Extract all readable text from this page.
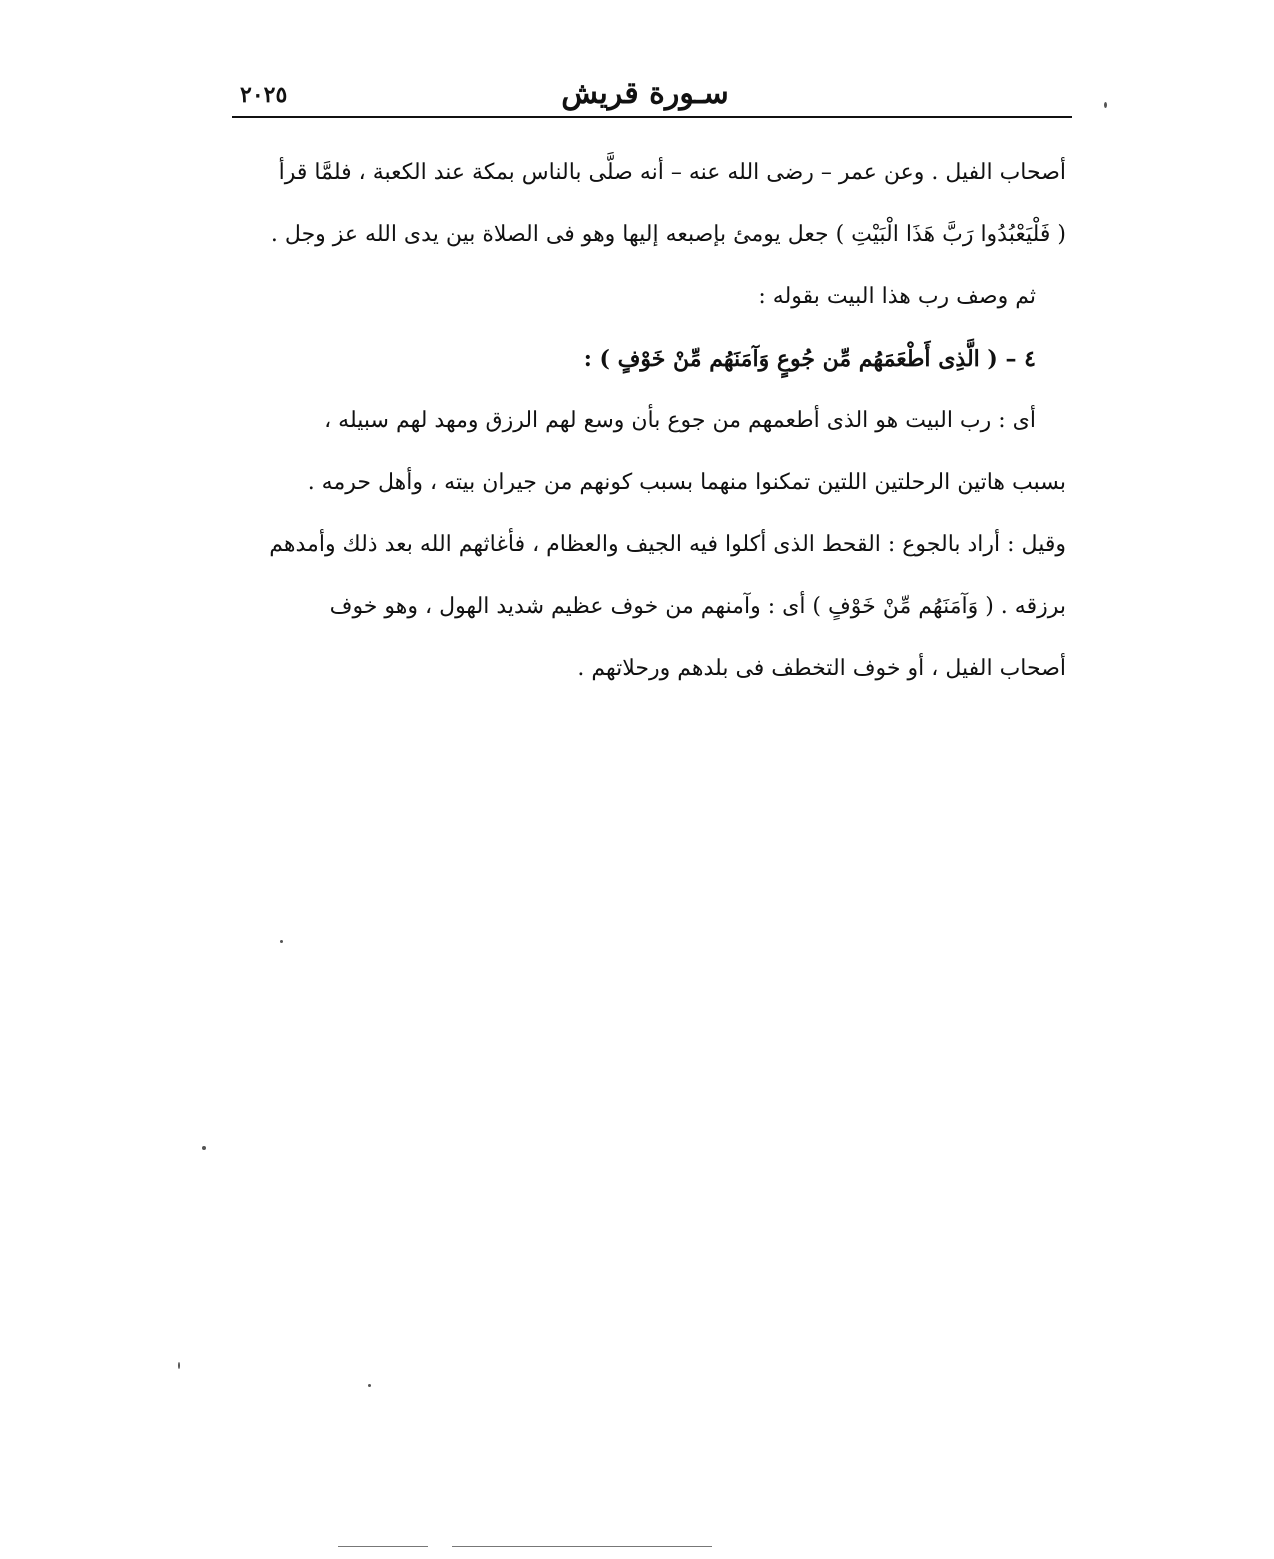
٢٠٢٥	سـورة قريش
أصحاب الفيل . وعن عمر – رضى الله عنه – أنه صلَّى بالناس بمكة عند الكعبة ، فلمَّا قرأ
( فَلْيَعْبُدُوا رَبَّ هَذَا الْبَيْتِ ) جعل يومئ بإصبعه إليها وهو فى الصلاة بين يدى الله عز وجل .
ثم وصف رب هذا البيت بقوله :
٤ – ( الَّذِى أَطْعَمَهُم مِّن جُوعٍ وَآمَنَهُم مِّنْ خَوْفٍ ) :
أى : رب البيت هو الذى أطعمهم من جوع بأن وسع لهم الرزق ومهد لهم سبيله ،
بسبب هاتين الرحلتين اللتين تمكنوا منهما بسبب كونهم من جيران بيته ، وأهل حرمه .
وقيل : أراد بالجوع : القحط الذى أكلوا فيه الجيف والعظام ، فأغاثهم الله بعد ذلك وأمدهم
برزقه . ( وَآمَنَهُم مِّنْ خَوْفٍ ) أى : وآمنهم من خوف عظيم شديد الهول ، وهو خوف
أصحاب الفيل ، أو خوف التخطف فى بلدهم ورحلاتهم .
